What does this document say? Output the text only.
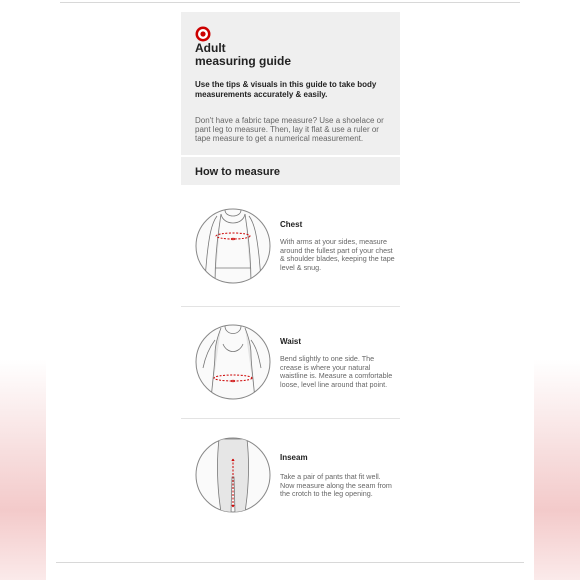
Adult
measuring guide
Use the tips & visuals in this guide to take body measurements accurately & easily.
Don't have a fabric tape measure? Use a shoelace or pant leg to measure. Then, lay it flat & use a ruler or tape measure to get a numerical measurement.
How to measure
Chest
With arms at your sides, measure around the fullest part of your chest & shoulder blades, keeping the tape level & snug.
Waist
Bend slightly to one side. The crease is where your natural waistline is. Measure a comfortable loose, level line around that point.
Inseam
Take a pair of pants that fit well. Now measure along the seam from the crotch to the leg opening.
